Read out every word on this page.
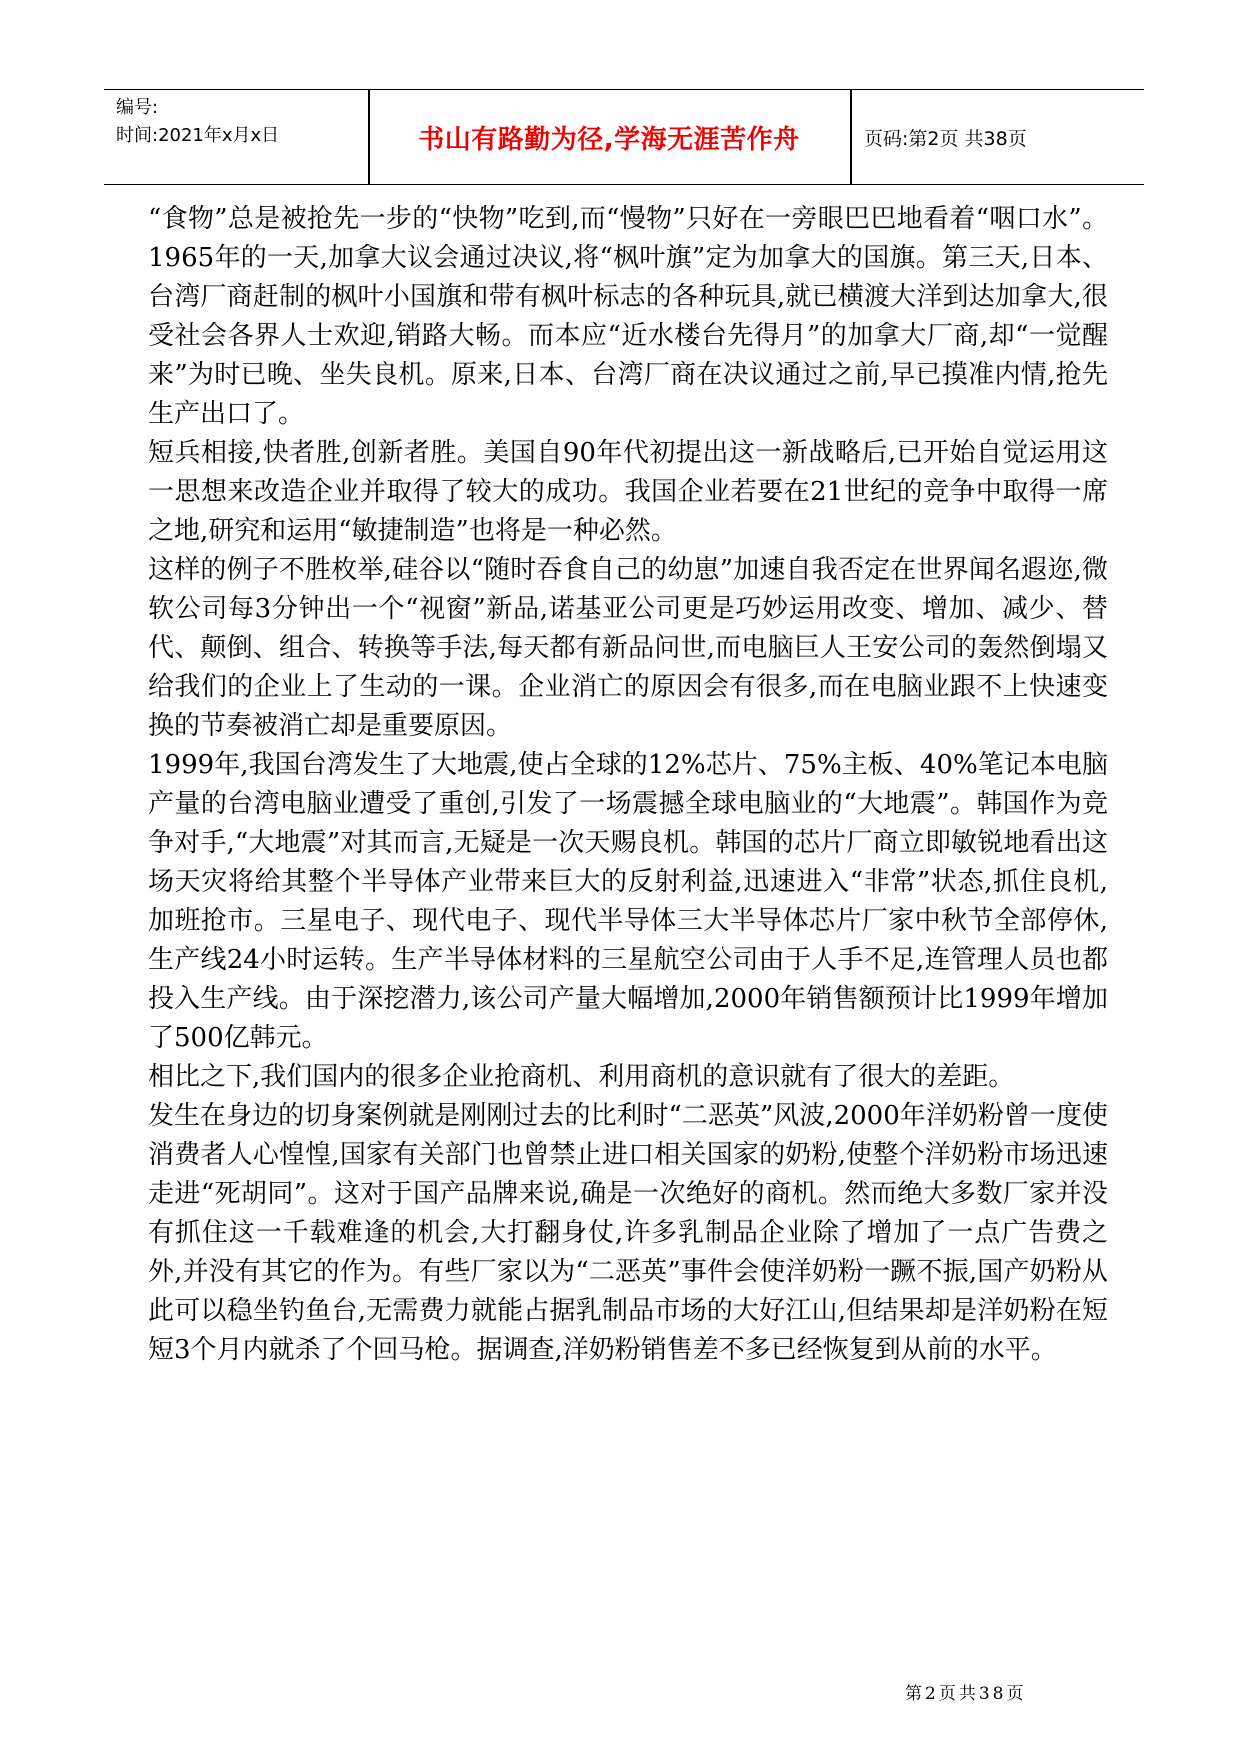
编号:
时间:2021年x月x日	书山有路勤为径,学海无涯苦作舟	页码:第2页 共38页

“食物”总是被抢先一步的“快物”吃到,而“慢物”只好在一旁眼巴巴地看着“咽口水”。1965年的一天,加拿大议会通过决议,将“枫叶旗”定为加拿大的国旗。第三天,日本、台湾厂商赶制的枫叶小国旗和带有枫叶标志的各种玩具,就已横渡大洋到达加拿大,很受社会各界人士欢迎,销路大畅。而本应“近水楼台先得月”的加拿大厂商,却“一觉醒来”为时已晚、坐失良机。原来,日本、台湾厂商在决议通过之前,早已摸准内情,抢先生产出口了。

短兵相接,快者胜,创新者胜。美国自90年代初提出这一新战略后,已开始自觉运用这一思想来改造企业并取得了较大的成功。我国企业若要在21世纪的竞争中取得一席之地,研究和运用“敏捷制造”也将是一种必然。

这样的例子不胜枚举,硅谷以“随时吞食自己的幼崽”加速自我否定在世界闻名遐迩,微软公司每3分钟出一个“视窗”新品,诺基亚公司更是巧妙运用改变、增加、减少、替代、颠倒、组合、转换等手法,每天都有新品问世,而电脑巨人王安公司的轰然倒塌又给我们的企业上了生动的一课。企业消亡的原因会有很多,而在电脑业跟不上快速变换的节奏被消亡却是重要原因。

1999年,我国台湾发生了大地震,使占全球的12%芯片、75%主板、40%笔记本电脑产量的台湾电脑业遭受了重创,引发了一场震撼全球电脑业的“大地震”。韩国作为竞争对手,“大地震”对其而言,无疑是一次天赐良机。韩国的芯片厂商立即敏锐地看出这场天灾将给其整个半导体产业带来巨大的反射利益,迅速进入“非常”状态,抓住良机,加班抢市。三星电子、现代电子、现代半导体三大半导体芯片厂家中秋节全部停休,生产线24小时运转。生产半导体材料的三星航空公司由于人手不足,连管理人员也都投入生产线。由于深挖潜力,该公司产量大幅增加,2000年销售额预计比1999年增加了500亿韩元。

相比之下,我们国内的很多企业抢商机、利用商机的意识就有了很大的差距。

发生在身边的切身案例就是刚刚过去的比利时“二恶英”风波,2000年洋奶粉曾一度使消费者人心惶惶,国家有关部门也曾禁止进口相关国家的奶粉,使整个洋奶粉市场迅速走进“死胡同”。这对于国产品牌来说,确是一次绝好的商机。然而绝大多数厂家并没有抓住这一千载难逢的机会,大打翻身仗,许多乳制品企业除了增加了一点广告费之外,并没有其它的作为。有些厂家以为“二恶英”事件会使洋奶粉一蹶不振,国产奶粉从此可以稳坐钓鱼台,无需费力就能占据乳制品市场的大好江山,但结果却是洋奶粉在短短3个月内就杀了个回马枪。据调查,洋奶粉销售差不多已经恢复到从前的水平。

第2页共38页
